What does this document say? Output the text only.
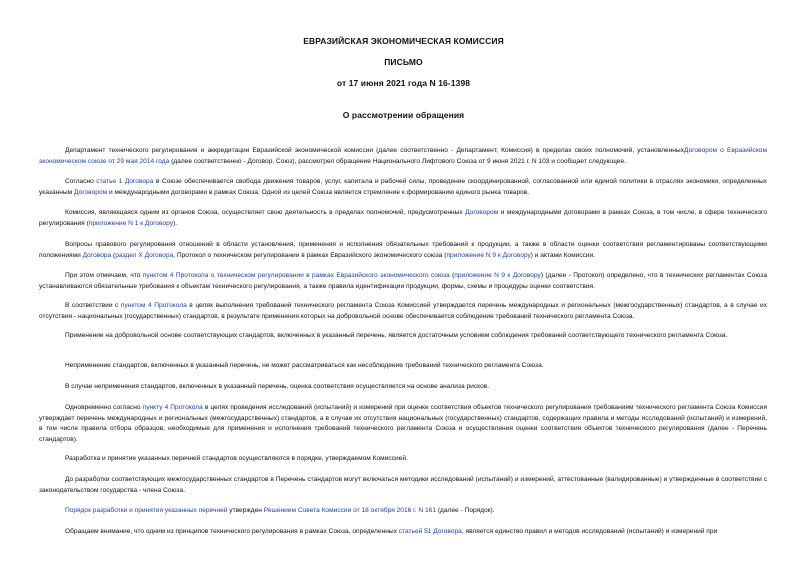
ЕВРАЗИЙСКАЯ ЭКОНОМИЧЕСКАЯ КОМИССИЯ
ПИСЬМО
от 17 июня 2021 года N 16-1398
О рассмотрении обращения

Департамент технического регулирования и аккредитации Евразийской экономической комиссии (далее соответственно - Департамент, Комиссия) в пределах своих полномочий, установленныхДоговором о Евразийском экономическом союзе от 29 мая 2014 года (далее соответственно - Договор, Союз), рассмотрел обращение Национального Лифтового Союза от 9 июня 2021 г. N 103 и сообщает следующее.

Согласно статье 1 Договора в Союзе обеспечивается свобода движения товаров, услуг, капитала и рабочей силы, проведение скоординированной, согласованной или единой политики в отраслях экономики, определенных указанным Договором и международными договорами в рамках Союза. Одной из целей Союза является стремление к формированию единого рынка товаров.

Комиссия, являющаяся одним из органов Союза, осуществляет свою деятельность в пределах полномочий, предусмотренных Договором и международными договорами в рамках Союза, в том числе, в сфере технического регулирования (приложение N 1 к Договору).

Вопросы правового регулирования отношений в области установления, применения и исполнения обязательных требований к продукции, а также в области оценки соответствия регламентированы соответствующими положениями Договора (раздел X Договора, Протокол о техническом регулировании в рамках Евразийского экономического союза (приложение N 9 к Договору) и актами Комиссии.

При этом отмечаем, что пунктом 4 Протокола о техническом регулировании в рамках Евразийского экономического союза (приложение N 9 к Договору) (далее - Протокол) определено, что в технических регламентах Союза устанавливаются обязательные требования к объектам технического регулирования, а также правила идентификации продукции, формы, схемы и процедуры оценки соответствия.

В соответствии с пунктом 4 Протокола в целях выполнения требований технического регламента Союза Комиссией утверждается перечень международных и региональных (межгосударственных) стандартов, а в случае их отсутствия - национальных (государственных) стандартов, в результате применения которых на добровольной основе обеспечивается соблюдение требований технического регламента Союза.

Применение на добровольной основе соответствующих стандартов, включенных в указанный перечень, является достаточным условием соблюдения требований соответствующего технического регламента Союза.

Неприменение стандартов, включенных в указанный перечень, не может рассматриваться как несоблюдение требований технического регламента Союза.

В случае неприменения стандартов, включенных в указанный перечень, оценка соответствия осуществляется на основе анализа рисков.

Одновременно согласно пункту 4 Протокола в целях проведения исследований (испытаний) и измерений при оценке соответствия объектов технического регулирования требованиям технического регламента Союза Комиссия утверждает перечень международных и региональных (межгосударственных) стандартов, а в случае их отсутствия национальных (государственных) стандартов, содержащих правила и методы исследований (испытаний) и измерений, в том числе правила отбора образцов, необходимые для применения и исполнения требований технического регламента Союза и осуществления оценки соответствия объектов технического регулирования (далее - Перечень стандартов).

Разработка и принятие указанных перечней стандартов осуществляются в порядке, утверждаемом Комиссией.

До разработки соответствующих межгосударственных стандартов в Перечень стандартов могут включаться методики исследований (испытаний) и измерений, аттестованные (валидированные) и утвержденные в соответствии с законодательством государства - члена Союза.

Порядок разработки и принятия указанных перечней утвержден Решением Совета Комиссии от 18 октября 2016 г. N 161 (далее - Порядок).

Обращаем внимание, что одним из принципов технического регулирования в рамках Союза, определенных статьей 51 Договора, является единство правил и методов исследований (испытаний) и измерений при
